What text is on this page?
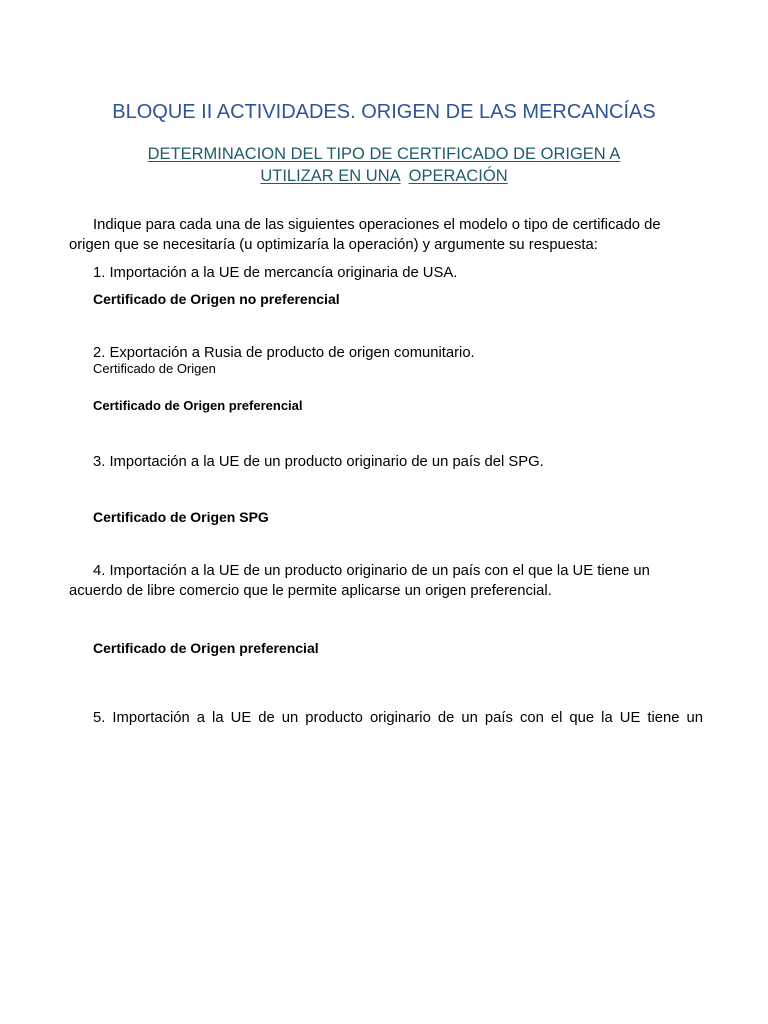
BLOQUE II ACTIVIDADES. ORIGEN DE LAS MERCANCÍAS
DETERMINACION DEL TIPO DE CERTIFICADO DE ORIGEN A
UTILIZAR EN UNA OPERACIÓN

Indique para cada una de las siguientes operaciones el modelo o tipo de certificado de

origen que se necesitaría (u optimizaría la operación) y argumente su respuesta:

1. Importación a la UE de mercancía originaria de USA.

Certificado de Origen no preferencial

2. Exportación a Rusia de producto de origen comunitario.

Certificado de Origen

Certificado de Origen preferencial

3. Importación a la UE de un producto originario de un país del SPG.

Certificado de Origen SPG

4. Importación a la UE de un producto originario de un país con el que la UE tiene un

acuerdo de libre comercio que le permite aplicarse un origen preferencial.

Certificado de Origen preferencial

5. Importación a la UE de un producto originario de un país con el que la UE tiene un
